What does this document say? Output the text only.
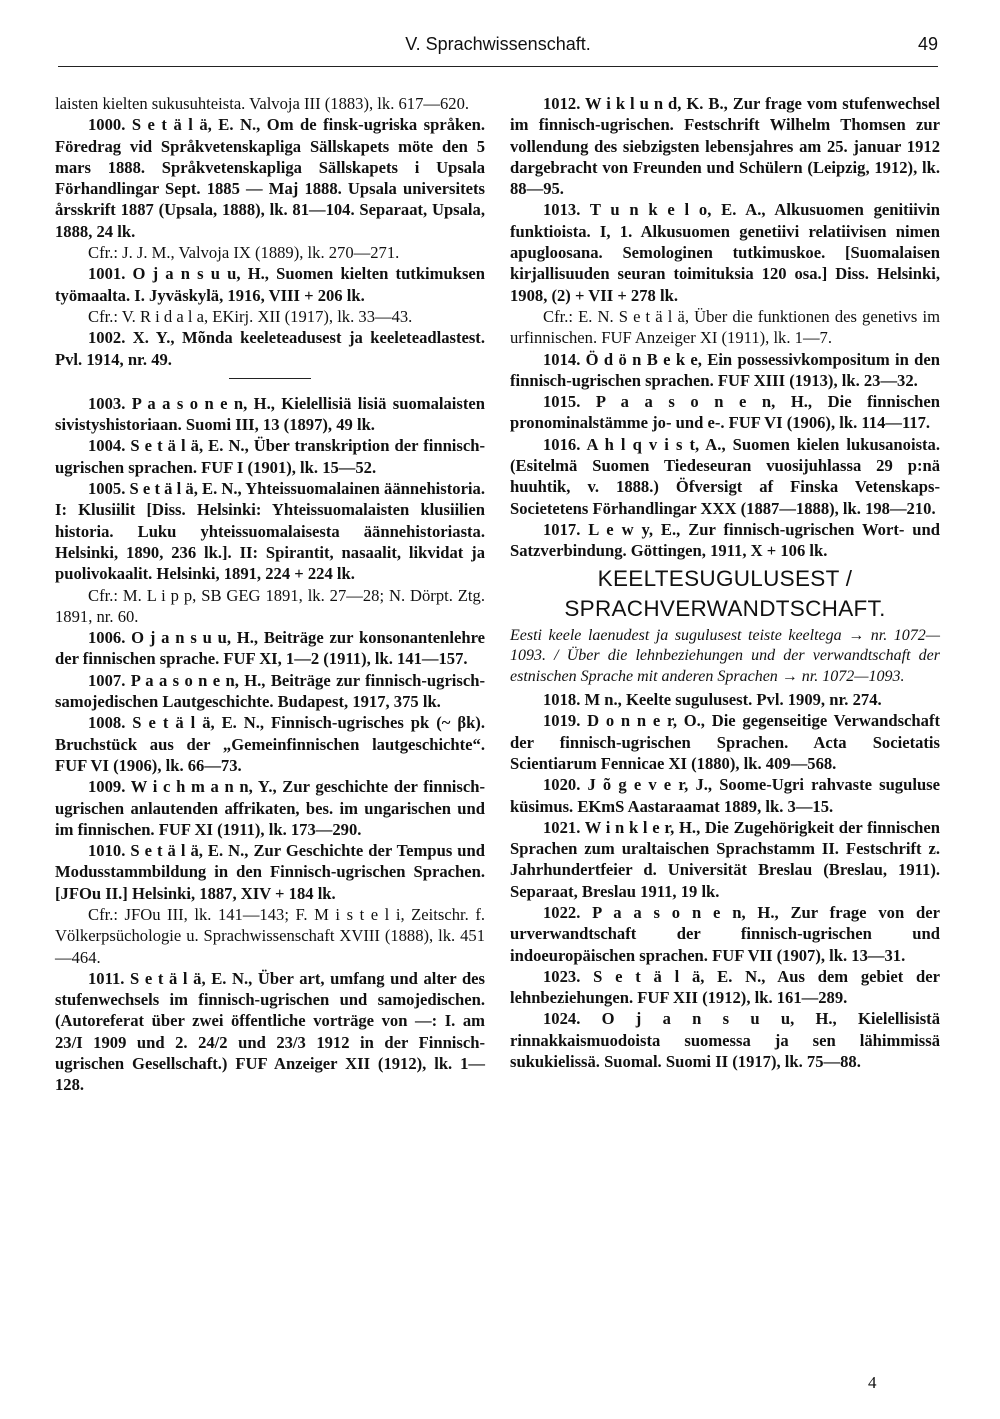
V. Sprachwissenschaft.	49
laisten kielten sukusuhteista. Valvoja III (1883), lk. 617—620.
1000. S e t ä l ä, E. N., Om de finsk-ugriska språken. Föredrag vid Språkvetenskapliga Sällskapets möte den 5 mars 1888. Språkvetenskapliga Sällskapets i Upsala Förhandlingar Sept. 1885 — Maj 1888. Upsala universitets årsskrift 1887 (Upsala, 1888), lk. 81—104. Separaat, Upsala, 1888, 24 lk.
Cfr.: J. J. M., Valvoja IX (1889), lk. 270—271.
1001. O j a n s u u, H., Suomen kielten tutkimuksen työmaalta. I. Jyväskylä, 1916, VIII + 206 lk.
Cfr.: V. R i d a l a, EKirj. XII (1917), lk. 33—43.
1002. X. Y., Mõnda keeleteadusest ja keeleteadlastest. Pvl. 1914, nr. 49.
1003. P a a s o n e n, H., Kielellisiä lisiä suomalaisten sivistyshistoriaan. Suomi III, 13 (1897), 49 lk.
1004. S e t ä l ä, E. N., Über transkription der finnisch-ugrischen sprachen. FUF I (1901), lk. 15—52.
1005. S e t ä l ä, E. N., Yhteissuomalainen äännehistoria. I: Klusiilit [Diss. Helsinki: Yhteissuomalaisten klusiilien historia. Luku yhteissuomalaisesta äännehistoriasta. Helsinki, 1890, 236 lk.]. II: Spirantit, nasaalit, likvidat ja puolivokaalit. Helsinki, 1891, 224 + 224 lk.
Cfr.: M. L i p p, SB GEG 1891, lk. 27—28; N. Dörpt. Ztg. 1891, nr. 60.
1006. O j a n s u u, H., Beiträge zur konsonantenlehre der finnischen sprache. FUF XI, 1—2 (1911), lk. 141—157.
1007. P a a s o n e n, H., Beiträge zur finnisch-ugrisch-samojedischen Lautgeschichte. Budapest, 1917, 375 lk.
1008. S e t ä l ä, E. N., Finnisch-ugrisches pk (~ βk). Bruchstück aus der „Gemeinfinnischen lautgeschichte“. FUF VI (1906), lk. 66—73.
1009. W i c h m a n n, Y., Zur geschichte der finnisch-ugrischen anlautenden affrikaten, bes. im ungarischen und im finnischen. FUF XI (1911), lk. 173—290.
1010. S e t ä l ä, E. N., Zur Geschichte der Tempus und Modusstammbildung in den Finnisch-ugrischen Sprachen. [JFOu II.] Helsinki, 1887, XIV + 184 lk.
Cfr.: JFOu III, lk. 141—143; F. M i s t e l i, Zeitschr. f. Völkerpsüchologie u. Sprachwissenschaft XVIII (1888), lk. 451—464.
1011. S e t ä l ä, E. N., Über art, umfang und alter des stufenwechsels im finnisch-ugrischen und samojedischen. (Autoreferat über zwei öffentliche vorträge von —: I. am 23/I 1909 und 2. 24/2 und 23/3 1912 in der Finnisch-ugrischen Gesellschaft.) FUF Anzeiger XII (1912), lk. 1—128.
1012. W i k l u n d, K. B., Zur frage vom stufenwechsel im finnisch-ugrischen. Festschrift Wilhelm Thomsen zur vollendung des siebzigsten lebensjahres am 25. januar 1912 dargebracht von Freunden und Schülern (Leipzig, 1912), lk. 88—95.
1013. T u n k e l o, E. A., Alkusuomen genitiivin funktioista. I, 1. Alkusuomen genetiivi relatiivisen nimen apugloosana. Semologinen tutkimuskoe. [Suomalaisen kirjallisuuden seuran toimituksia 120 osa.] Diss. Helsinki, 1908, (2) + VII + 278 lk.
Cfr.: E. N. S e t ä l ä, Über die funktionen des genetivs im urfinnischen. FUF Anzeiger XI (1911), lk. 1—7.
1014. Ö d ö n B e k e, Ein possessivkompositum in den finnisch-ugrischen sprachen. FUF XIII (1913), lk. 23—32.
1015. P a a s o n e n, H., Die finnischen pronominalstämme jo- und e-. FUF VI (1906), lk. 114—117.
1016. A h l q v i s t, A., Suomen kielen lukusanoista. (Esitelmä Suomen Tiedeseuran vuosijuhlassa 29 p:nä huuhtik, v. 1888.) Öfversigt af Finska Vetenskaps-Societetens Förhandlingar XXX (1887—1888), lk. 198—210.
1017. L e w y, E., Zur finnisch-ugrischen Wort- und Satzverbindung. Göttingen, 1911, X + 106 lk.
KEELTESUGULUSEST /
SPRACHVERWANDTSCHAFT.
Eesti keele laenudest ja sugulusest teiste keeltega → nr. 1072—1093. / Über die lehnbeziehungen und der verwandtschaft der estnischen Sprache mit anderen Sprachen → nr. 1072—1093.
1018. M n., Keelte sugulusest. Pvl. 1909, nr. 274.
1019. D o n n e r, O., Die gegenseitige Verwandschaft der finnisch-ugrischen Sprachen. Acta Societatis Scientiarum Fennicae XI (1880), lk. 409—568.
1020. J õ g e v e r, J., Soome-Ugri rahvaste suguluse küsimus. EKmS Aastaraamat 1889, lk. 3—15.
1021. W i n k l e r, H., Die Zugehörigkeit der finnischen Sprachen zum uraltaischen Sprachstamm II. Festschrift z. Jahrhundertfeier d. Universität Breslau (Breslau, 1911). Separaat, Breslau 1911, 19 lk.
1022. P a a s o n e n, H., Zur frage von der urverwandtschaft der finnisch-ugrischen und indoeuropäischen sprachen. FUF VII (1907), lk. 13—31.
1023. S e t ä l ä, E. N., Aus dem gebiet der lehnbeziehungen. FUF XII (1912), lk. 161—289.
1024. O j a n s u u, H., Kielellisistä rinnakkaismuodoista suomessa ja sen lähimmissä sukukielissä. Suomal. Suomi II (1917), lk. 75—88.
4
